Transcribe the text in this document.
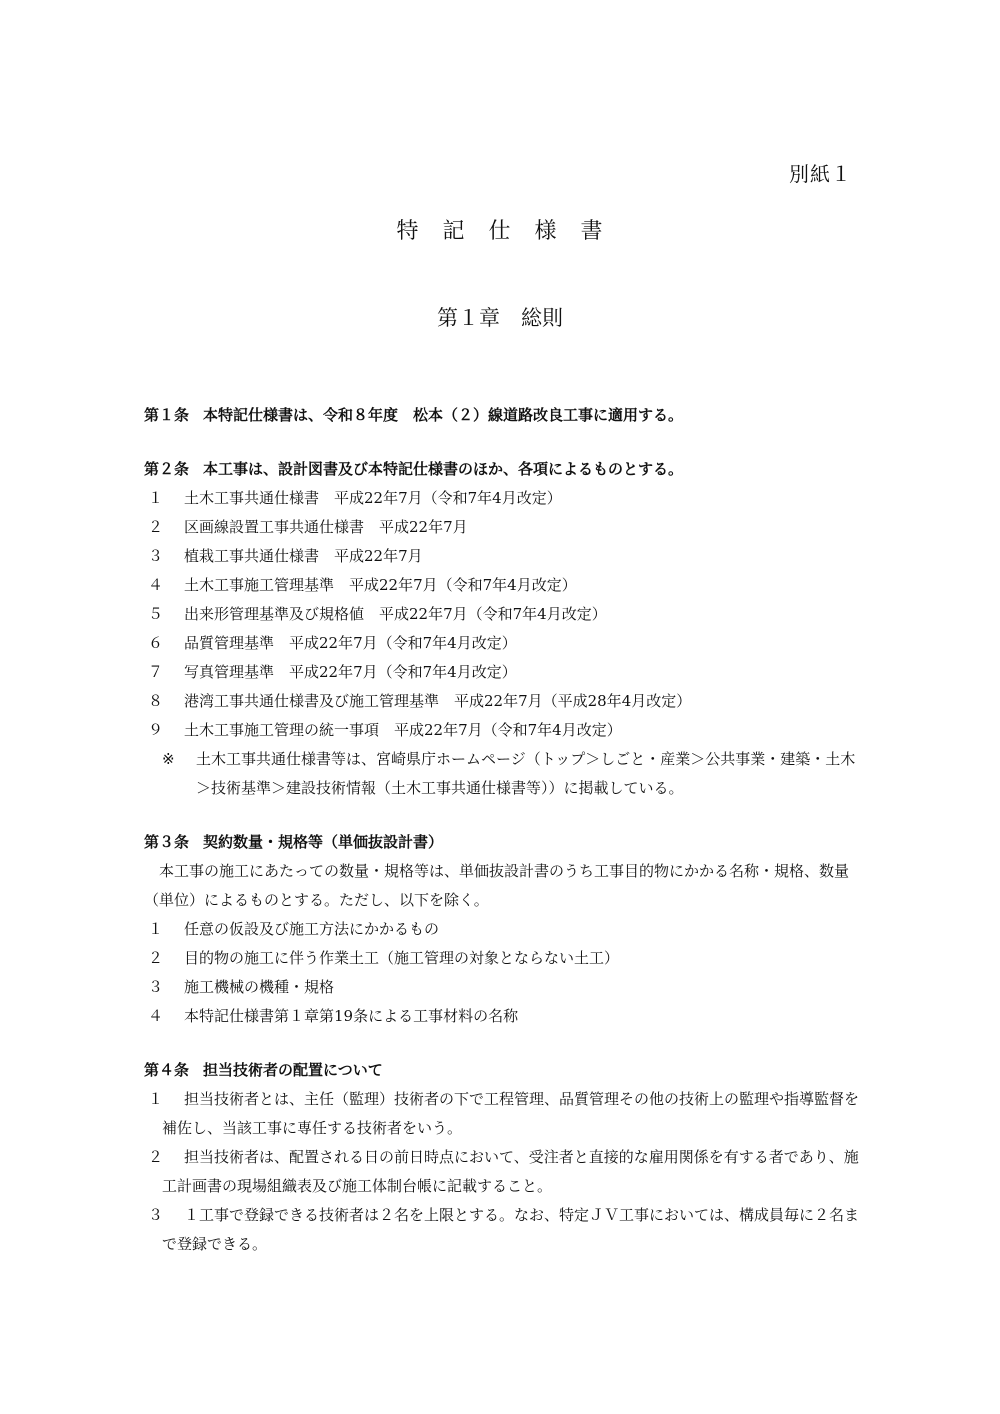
別紙１
特　記　仕　様　書
第１章　総則
第１条 本特記仕様書は、令和８年度　松本（２）線道路改良工事に適用する。
第２条 本工事は、設計図書及び本特記仕様書のほか、各項によるものとする。
１	土木工事共通仕様書　平成22年7月（令和7年4月改定）
２	区画線設置工事共通仕様書　平成22年7月
３	植栽工事共通仕様書　平成22年7月
４	土木工事施工管理基準　平成22年7月（令和7年4月改定）
５	出来形管理基準及び規格値　平成22年7月（令和7年4月改定）
６	品質管理基準　平成22年7月（令和7年4月改定）
７	写真管理基準　平成22年7月（令和7年4月改定）
８	港湾工事共通仕様書及び施工管理基準　平成22年7月（平成28年4月改定）
９	土木工事施工管理の統一事項　平成22年7月（令和7年4月改定）
※	土木工事共通仕様書等は、宮崎県庁ホームページ（トップ＞しごと・産業＞公共事業・建築・土木＞技術基準＞建設技術情報（土木工事共通仕様書等））に掲載している。
第３条 契約数量・規格等（単価抜設計書）
本工事の施工にあたっての数量・規格等は、単価抜設計書のうち工事目的物にかかる名称・規格、数量（単位）によるものとする。ただし、以下を除く。
１	任意の仮設及び施工方法にかかるもの
２	目的物の施工に伴う作業土工（施工管理の対象とならない土工）
３	施工機械の機種・規格
４	本特記仕様書第１章第19条による工事材料の名称
第４条 担当技術者の配置について
１ 担当技術者とは、主任（監理）技術者の下で工程管理、品質管理その他の技術上の監理や指導監督を補佐し、当該工事に専任する技術者をいう。
２ 担当技術者は、配置される日の前日時点において、受注者と直接的な雇用関係を有する者であり、施工計画書の現場組織表及び施工体制台帳に記載すること。
３ １工事で登録できる技術者は２名を上限とする。なお、特定ＪＶ工事においては、構成員毎に２名まで登録できる。
